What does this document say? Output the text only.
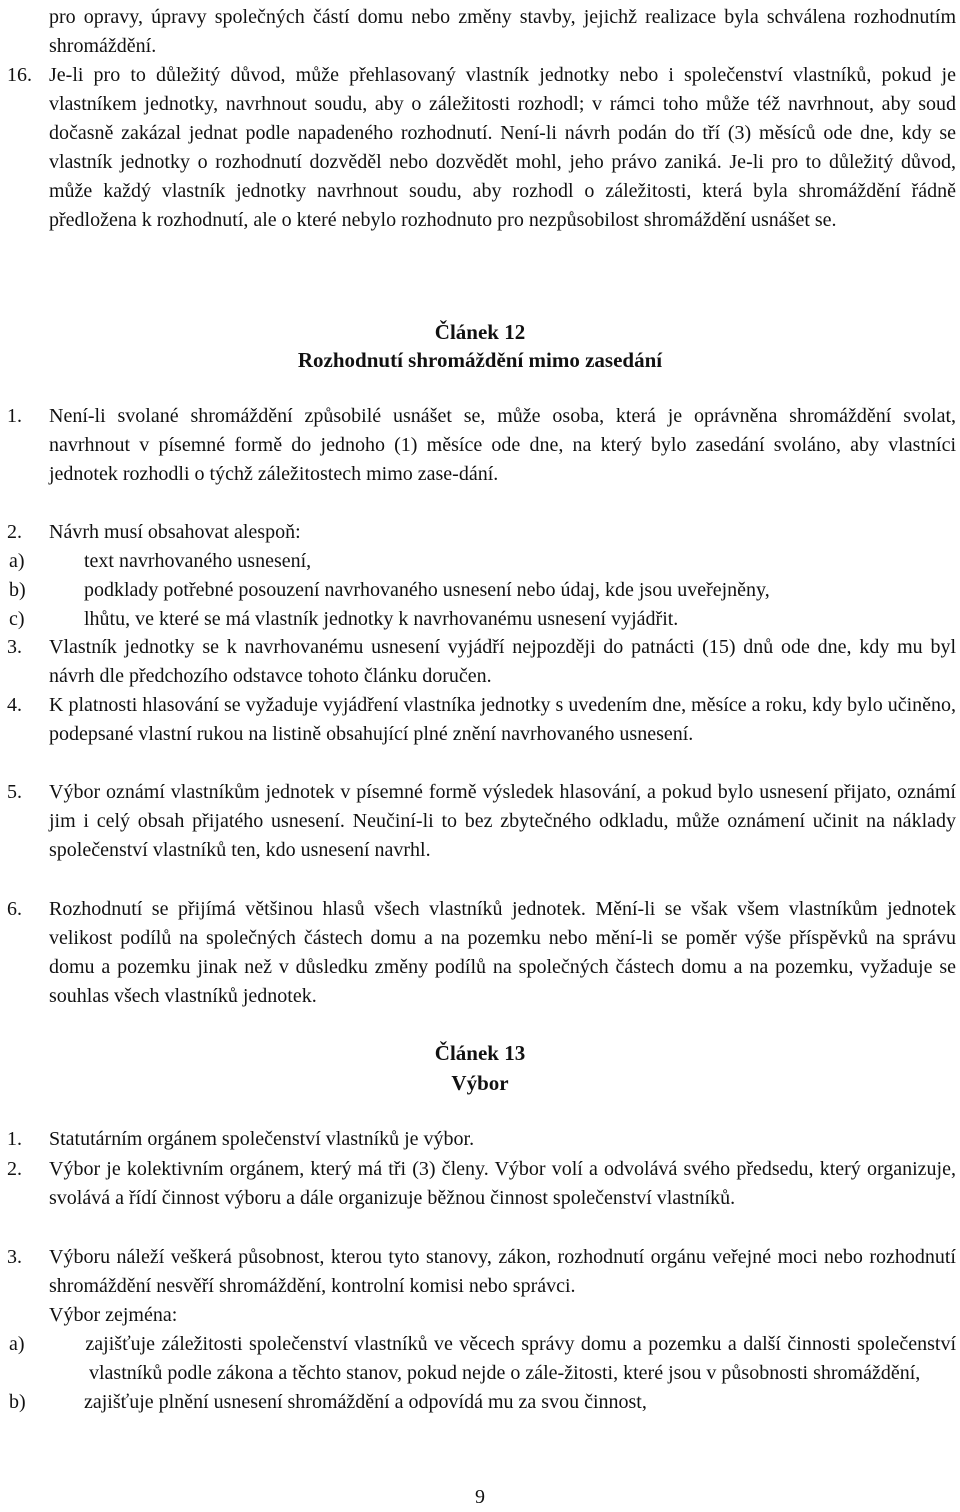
pro opravy, úpravy společných částí domu nebo změny stavby, jejichž realizace byla schválena rozhodnutím shromáždění.
16. Je-li pro to důležitý důvod, může přehlasovaný vlastník jednotky nebo i společenství vlastníků, pokud je vlastníkem jednotky, navrhnout soudu, aby o záležitosti rozhodl; v rámci toho může též navrhnout, aby soud dočasně zakázal jednat podle napadeného rozhodnutí. Není-li návrh podán do tří (3) měsíců ode dne, kdy se vlastník jednotky o rozhodnutí dozvěděl nebo dozvědět mohl, jeho právo zaniká. Je-li pro to důležitý důvod, může každý vlastník jednotky navrhnout soudu, aby rozhodl o záležitosti, která byla shromáždění řádně předložena k rozhodnutí, ale o které nebylo rozhodnuto pro nezpůsobilost shromáždění usnášet se.
Článek 12
Rozhodnutí shromáždění mimo zasedání
1.	Není-li svolané shromáždění způsobilé usnášet se, může osoba, která je oprávněna shromáždění svolat, navrhnout v písemné formě do jednoho (1) měsíce ode dne, na který bylo zasedání svoláno, aby vlastníci jednotek rozhodli o týchž záležitostech mimo zase-dání.
2.	Návrh musí obsahovat alespoň:
a)	text navrhovaného usnesení,
b)	podklady potřebné posouzení navrhovaného usnesení nebo údaj, kde jsou uveřejněny,
c)	lhůtu, ve které se má vlastník jednotky k navrhovanému usnesení vyjádřit.
3.	Vlastník jednotky se k navrhovanému usnesení vyjádří nejpozději do patnácti (15) dnů ode dne, kdy mu byl návrh dle předchozího odstavce tohoto článku doručen.
4.	K platnosti hlasování se vyžaduje vyjádření vlastníka jednotky s uvedením dne, měsíce a roku, kdy bylo učiněno, podepsané vlastní rukou na listině obsahující plné znění navrhovaného usnesení.
5.	Výbor oznámí vlastníkům jednotek v písemné formě výsledek hlasování, a pokud bylo usnesení přijato, oznámí jim i celý obsah přijatého usnesení. Neučiní-li to bez zbytečného odkladu, může oznámení učinit na náklady společenství vlastníků ten, kdo usnesení navrhl.
6.	Rozhodnutí se přijímá většinou hlasů všech vlastníků jednotek. Mění-li se však všem vlastníkům jednotek velikost podílů na společných částech domu a na pozemku nebo mění-li se poměr výše příspěvků na správu domu a pozemku jinak než v důsledku změny podílů na společných částech domu a na pozemku, vyžaduje se souhlas všech vlastníků jednotek.
Článek 13
Výbor
1.	Statutárním orgánem společenství vlastníků je výbor.
2.	Výbor je kolektivním orgánem, který má tři (3) členy. Výbor volí a odvolává svého předsedu, který organizuje, svolává a řídí činnost výboru a dále organizuje běžnou činnost společenství vlastníků.
3.	Výboru náleží veškerá působnost, kterou tyto stanovy, zákon, rozhodnutí orgánu veřejné moci nebo rozhodnutí shromáždění nesvěří shromáždění, kontrolní komisi nebo správci.
Výbor zejména:
a)	zajišťuje záležitosti společenství vlastníků ve věcech správy domu a pozemku a další činnosti společenství vlastníků podle zákona a těchto stanov, pokud nejde o zále-žitosti, které jsou v působnosti shromáždění,
b)	zajišťuje plnění usnesení shromáždění a odpovídá mu za svou činnost,
9
